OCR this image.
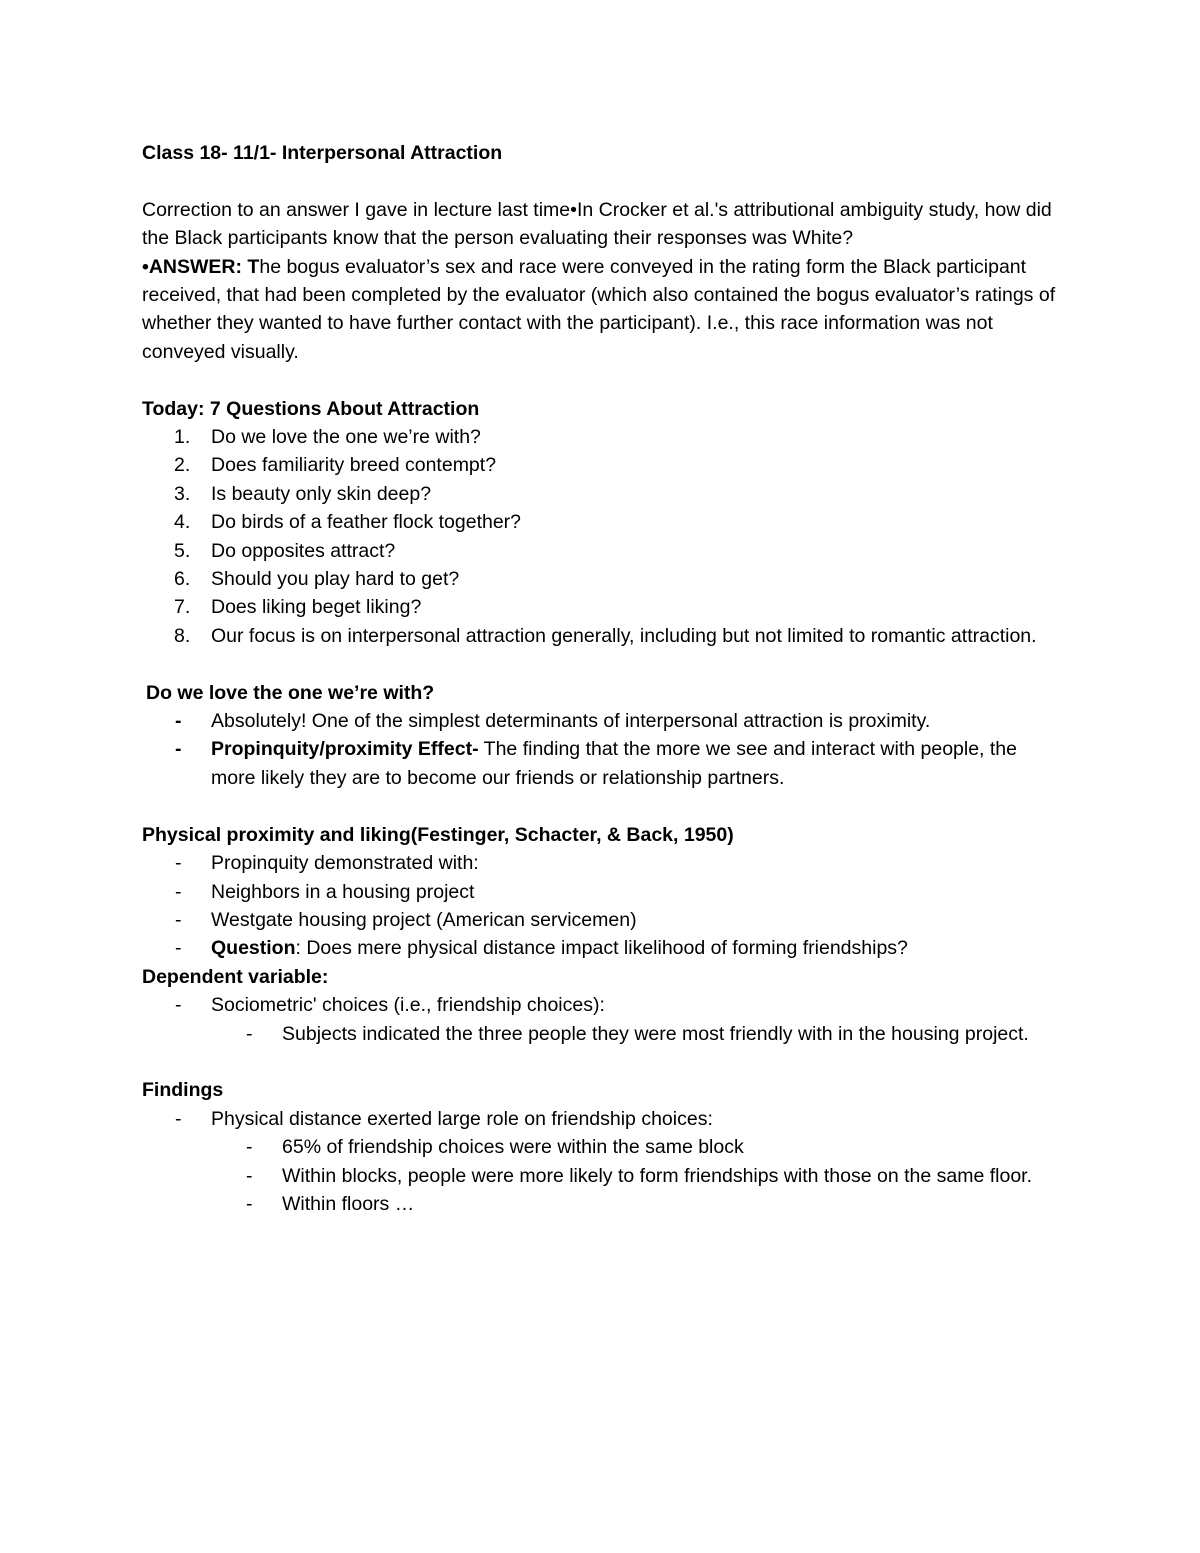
Class 18- 11/1- Interpersonal Attraction

Correction to an answer I gave in lecture last time•In Crocker et al.'s attributional ambiguity study, how did the Black participants know that the person evaluating their responses was White?

•ANSWER: The bogus evaluator’s sex and race were conveyed in the rating form the Black participant received, that had been completed by the evaluator (which also contained the bogus evaluator’s ratings of whether they wanted to have further contact with the participant). I.e., this race information was not conveyed visually.

Today: 7 Questions About Attraction

1.	Do we love the one we’re with?
2.	Does familiarity breed contempt?
3.	Is beauty only skin deep?
4.	Do birds of a feather flock together?
5.	Do opposites attract?
6.	Should you play hard to get?
7.	Does liking beget liking?
8.	Our focus is on interpersonal attraction generally, including but not limited to romantic attraction.

Do we love the one we’re with?

-	Absolutely! One of the simplest determinants of interpersonal attraction is proximity.
-	Propinquity/proximity Effect- The finding that the more we see and interact with people, the more likely they are to become our friends or relationship partners.

Physical proximity and liking(Festinger, Schacter, & Back, 1950)

-	Propinquity demonstrated with:
-	Neighbors in a housing project
-	Westgate housing project (American servicemen)
-	Question: Does mere physical distance impact likelihood of forming friendships?

Dependent variable:

-	Sociometric' choices (i.e., friendship choices):
-	Subjects indicated the three people they were most friendly with in the housing project.

Findings

-	Physical distance exerted large role on friendship choices:
-	65% of friendship choices were within the same block
-	Within blocks, people were more likely to form friendships with those on the same floor.
-	Within floors …
